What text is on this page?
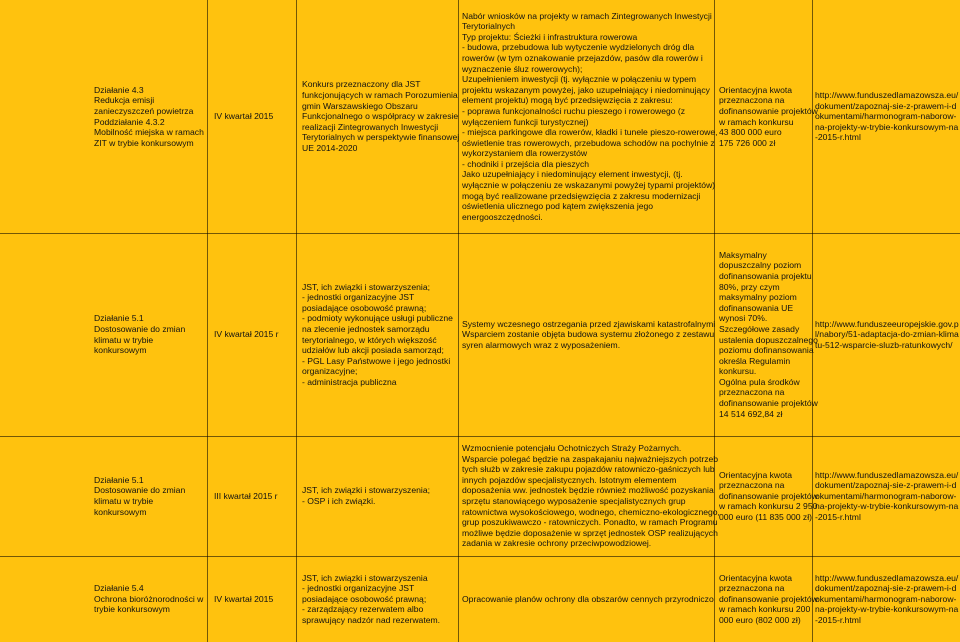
Działanie 4.3
Redukcja emisji zanieczyszczeń powietrza
Poddziałanie 4.3.2
Mobilność miejska w ramach ZIT w trybie konkursowym
IV kwartał 2015
Konkurs przeznaczony dla JST funkcjonujących w ramach Porozumienia gmin Warszawskiego Obszaru Funkcjonalnego o współpracy w zakresie realizacji Zintegrowanych Inwestycji Terytorialnych w perspektywie finansowej UE 2014-2020
Nabór wniosków na projekty w ramach Zintegrowanych Inwestycji Terytorialnych
Typ projektu: Ścieżki i infrastruktura rowerowa
- budowa, przebudowa lub wytyczenie wydzielonych dróg dla rowerów (w tym oznakowanie przejazdów, pasów dla rowerów i wyznaczenie śluz rowerowych);
Uzupełnieniem inwestycji (tj. wyłącznie w połączeniu w typem projektu wskazanym powyżej, jako uzupełniający i niedominujący element projektu) mogą być przedsięwzięcia z zakresu:
- poprawa funkcjonalności ruchu pieszego i rowerowego (z wyłączeniem funkcji turystycznej)
- miejsca parkingowe dla rowerów, kładki i tunele pieszo-rowerowe, oświetlenie tras rowerowych, przebudowa schodów na pochylnie z wykorzystaniem dla rowerzystów
- chodniki i przejścia dla pieszych
Jako uzupełniający i niedominujący element inwestycji, (tj. wyłącznie w połączeniu ze wskazanymi powyżej typami projektów) mogą być realizowane przedsięwzięcia z zakresu modernizacji oświetlenia ulicznego pod kątem zwiększenia jego energooszczędności.
Orientacyjna kwota przeznaczona na dofinansowanie projektów w ramach konkursu
43 800 000 euro
175 726 000 zł
http://www.funduszedlamazowsza.eu/dokument/zapoznaj-sie-z-prawem-i-dokumentami/harmonogram-naborow-na-projekty-w-trybie-konkursowym-na-2015-r.html
Działanie 5.1
Dostosowanie do zmian klimatu w trybie konkursowym
IV kwartał 2015 r
JST, ich związki i stowarzyszenia;
- jednostki organizacyjne JST posiadające osobowość prawną;
- podmioty wykonujące usługi publiczne na zlecenie jednostek samorządu terytorialnego, w których większość udziałów lub akcji posiada samorząd;
- PGL Lasy Państwowe i jego jednostki organizacyjne;
- administracja publiczna
Systemy wczesnego ostrzegania przed zjawiskami katastrofalnymi
Wsparciem zostanie objęta budowa systemu złożonego z zestawu syren alarmowych wraz z wyposażeniem.
Maksymalny dopuszczalny poziom dofinansowania projektu
80%, przy czym maksymalny poziom dofinansowania UE wynosi 70%. Szczegółowe zasady ustalenia dopuszczalnego poziomu dofinansowania określa Regulamin konkursu.
Ogólna pula środków przeznaczona na dofinansowanie projektów
14 514 692,84 zł
http://www.funduszeeuropejskie.gov.pl/nabory/51-adaptacja-do-zmian-klimatu-512-wsparcie-sluzb-ratunkowych/
Działanie 5.1
Dostosowanie do zmian klimatu w trybie konkursowym
III kwartał 2015 r
JST, ich związki i stowarzyszenia;
- OSP i ich związki.
Wzmocnienie potencjału Ochotniczych Straży Pożarnych.
Wsparcie polegać będzie na zaspakajaniu najważniejszych potrzeb tych służb w zakresie zakupu pojazdów ratowniczo-gaśniczych lub innych pojazdów specjalistycznych. Istotnym elementem doposażenia ww. jednostek będzie również możliwość pozyskania sprzętu stanowiącego wyposażenie specjalistycznych grup ratownictwa wysokościowego, wodnego, chemiczno-ekologicznego, grup poszukiwawczo - ratowniczych. Ponadto, w ramach Programu możliwe będzie doposażenie w sprzęt jednostek OSP realizujących zadania w zakresie ochrony przeciwpowodziowej.
Orientacyjna kwota przeznaczona na dofinansowanie projektów w ramach konkursu 2 950 000 euro (11 835 000 zł)
http://www.funduszedlamazowsza.eu/dokument/zapoznaj-sie-z-prawem-i-dokumentami/harmonogram-naborow-na-projekty-w-trybie-konkursowym-na-2015-r.html
Działanie 5.4
Ochrona bioróżnorodności w trybie konkursowym
IV kwartał 2015
JST, ich związki i stowarzyszenia
- jednostki organizacyjne JST posiadające osobowość prawną;
- zarządzający rezerwatem albo sprawujący nadzór nad rezerwatem.
Opracowanie planów ochrony dla obszarów cennych przyrodniczo
Orientacyjna kwota przeznaczona na dofinansowanie projektów w ramach konkursu 200 000 euro (802 000 zł)
http://www.funduszedlamazowsza.eu/dokument/zapoznaj-sie-z-prawem-i-dokumentami/harmonogram-naborow-na-projekty-w-trybie-konkursowym-na-2015-r.html
